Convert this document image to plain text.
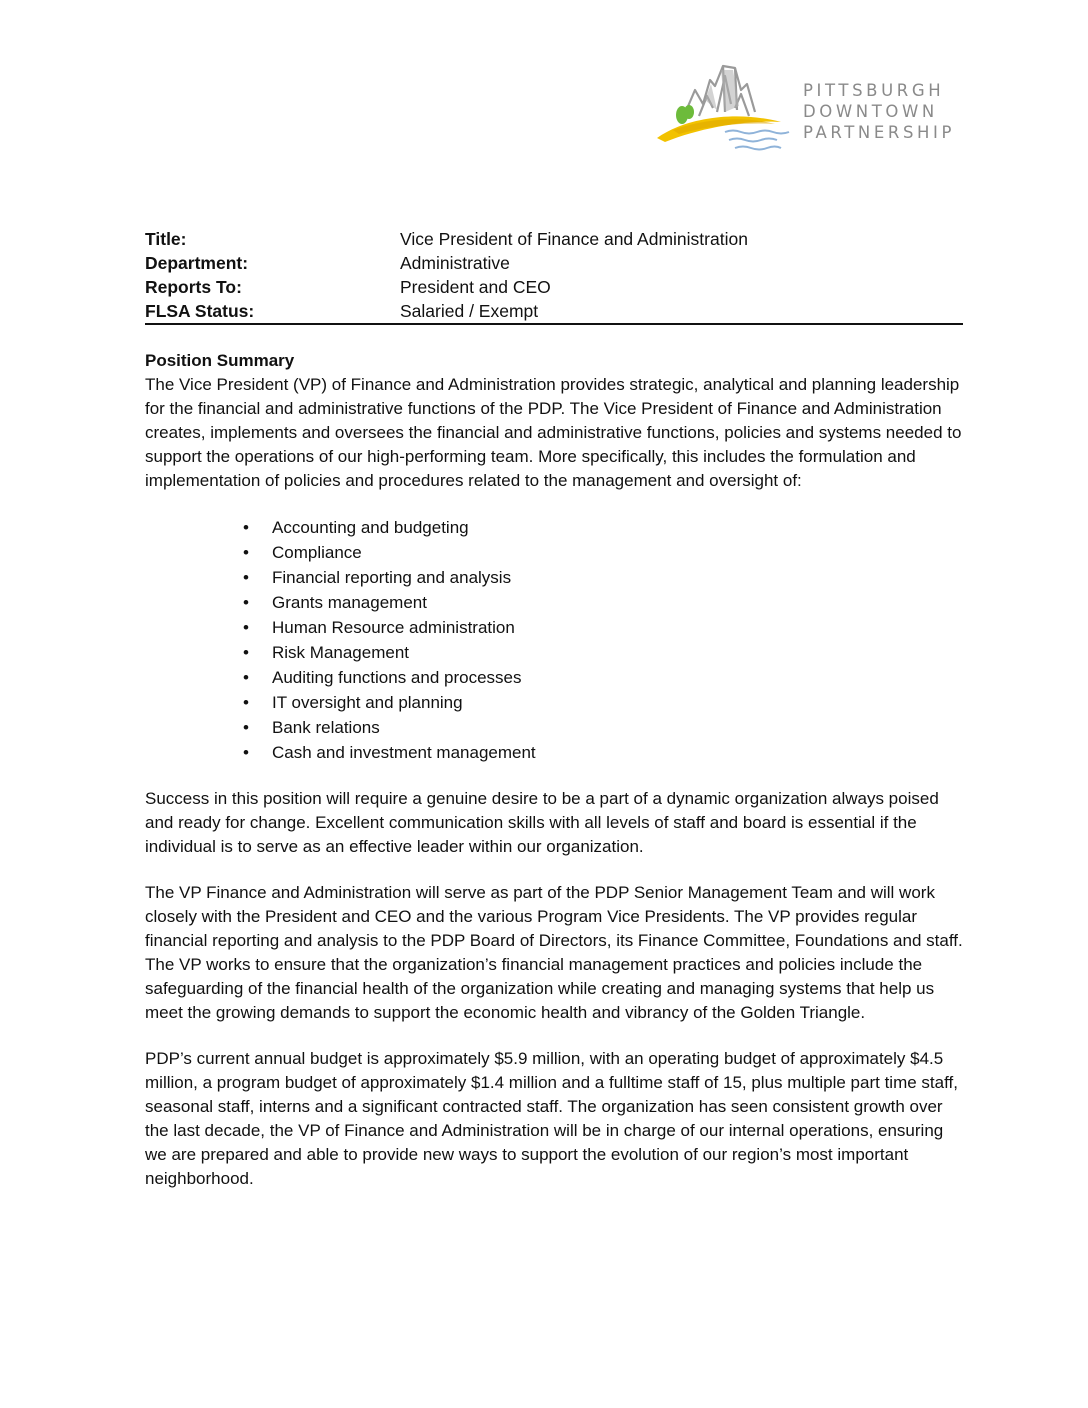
PITTSBURGH
DOWNTOWN
PARTNERSHIP
Title:	Vice President of Finance and Administration
Department:	Administrative
Reports To:	President and CEO
FLSA Status:	Salaried / Exempt

Position Summary

The Vice President (VP) of Finance and Administration provides strategic, analytical and planning leadership for the financial and administrative functions of the PDP. The Vice President of Finance and Administration creates, implements and oversees the financial and administrative functions, policies and systems needed to support the operations of our high-performing team. More specifically, this includes the formulation and implementation of policies and procedures related to the management and oversight of:

• Accounting and budgeting
• Compliance
• Financial reporting and analysis
• Grants management
• Human Resource administration
• Risk Management
• Auditing functions and processes
• IT oversight and planning
• Bank relations
• Cash and investment management

Success in this position will require a genuine desire to be a part of a dynamic organization always poised and ready for change. Excellent communication skills with all levels of staff and board is essential if the individual is to serve as an effective leader within our organization.

The VP Finance and Administration will serve as part of the PDP Senior Management Team and will work closely with the President and CEO and the various Program Vice Presidents. The VP provides regular financial reporting and analysis to the PDP Board of Directors, its Finance Committee, Foundations and staff. The VP works to ensure that the organization’s financial management practices and policies include the safeguarding of the financial health of the organization while creating and managing systems that help us meet the growing demands to support the economic health and vibrancy of the Golden Triangle.

PDP’s current annual budget is approximately $5.9 million, with an operating budget of approximately $4.5 million, a program budget of approximately $1.4 million and a fulltime staff of 15, plus multiple part time staff, seasonal staff, interns and a significant contracted staff. The organization has seen consistent growth over the last decade, the VP of Finance and Administration will be in charge of our internal operations, ensuring we are prepared and able to provide new ways to support the evolution of our region’s most important neighborhood.
